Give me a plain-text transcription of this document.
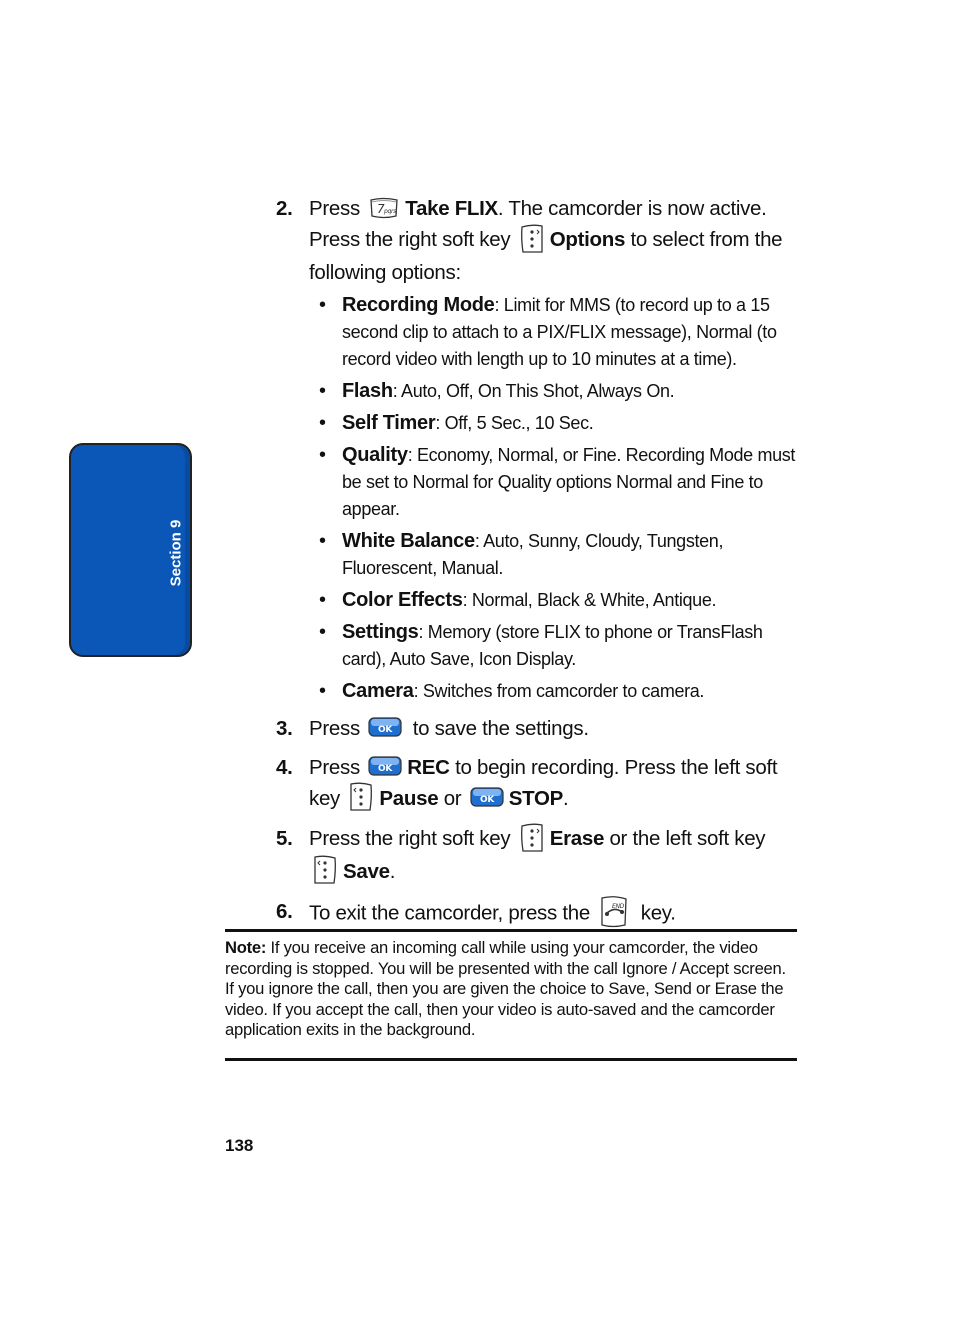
Section 9
2. Press 7 pqrs Take FLIX. The camcorder is now active. Press the right soft key
Options to select from the following options:
• Recording Mode: Limit for MMS (to record up to a 15 second clip to attach to a PIX/FLIX message), Normal (to record video with length up to 10 minutes at a time).
• Flash: Auto, Off, On This Shot, Always On.
• Self Timer: Off, 5 Sec., 10 Sec.
• Quality: Economy, Normal, or Fine. Recording Mode must be set to Normal for Quality options Normal and Fine to appear.
• White Balance: Auto, Sunny, Cloudy, Tungsten, Fluorescent, Manual.
• Color Effects: Normal, Black & White, Antique.
• Settings: Memory (store FLIX to phone or TransFlash card), Auto Save, Icon Display.
• Camera: Switches from camcorder to camera.
3. Press OK to save the settings.
4. Press OK REC to begin recording. Press the left soft key
Pause or OK STOP.
5. Press the right soft key
Erase or the left soft key
Save.
6. To exit the camcorder, press the	END key.
Note: If you receive an incoming call while using your camcorder, the video recording is stopped. You will be presented with the call Ignore / Accept screen. If you ignore the call, then you are given the choice to Save, Send or Erase the video. If you accept the call, then your video is auto-saved and the camcorder application exits in the background.
138
